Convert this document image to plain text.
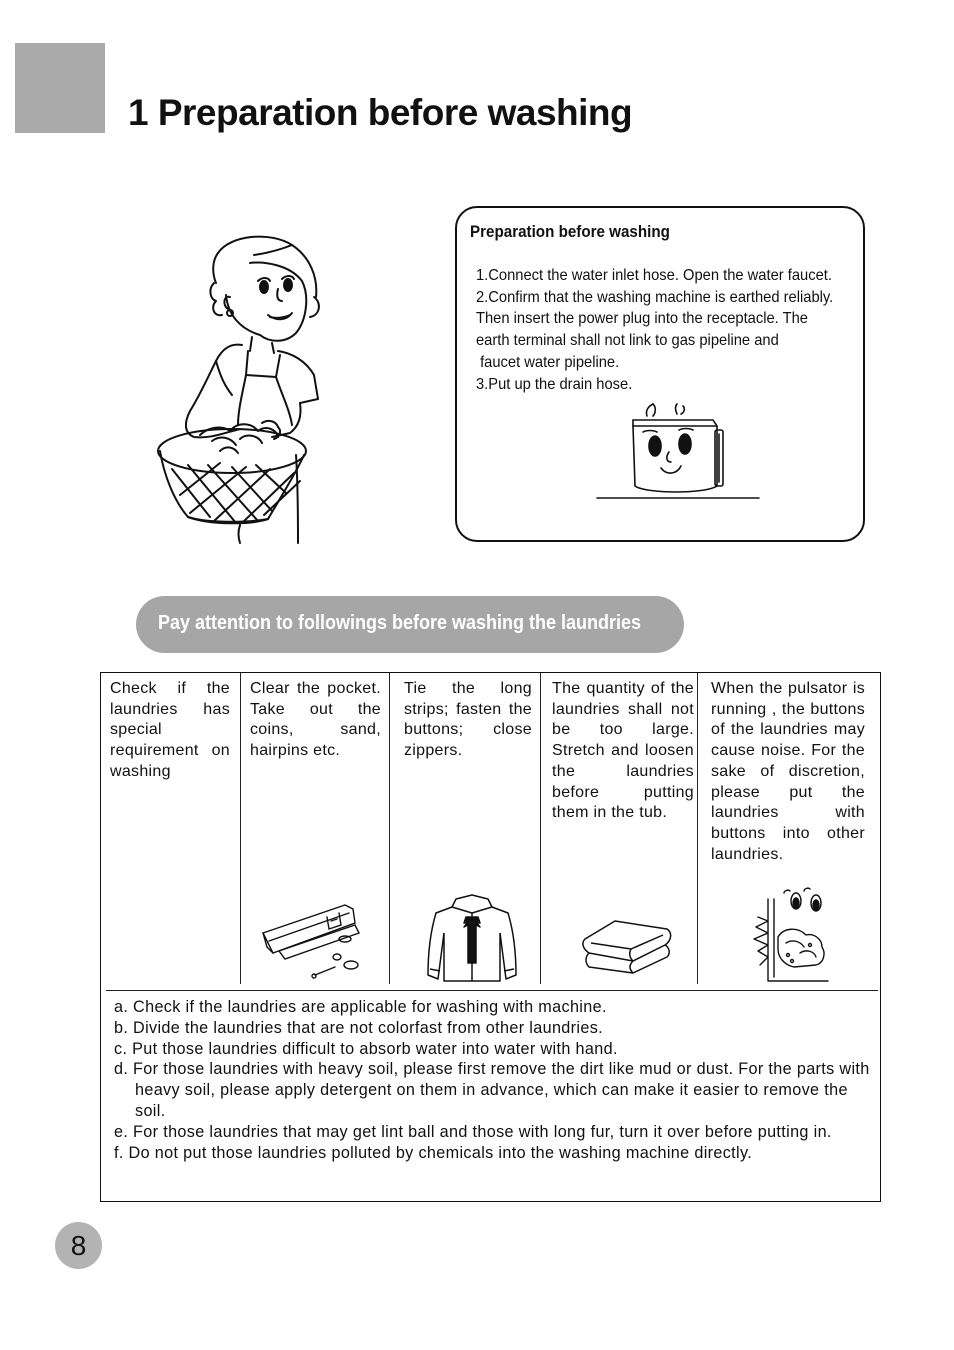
1 Preparation before washing
Preparation before washing
1.Connect the water inlet hose. Open the water faucet.
2.Confirm that the washing machine is earthed reliably.
Then insert the power plug into the receptacle. The
earth terminal shall not link to gas pipeline and
faucet water pipeline.
3.Put up the drain hose.
Pay attention to followings before washing the laundries
Check if the laundries has special requirement on washing
Clear the pocket. Take out the coins, sand, hairpins etc.
Tie the long strips; fasten the buttons; close zippers.
The quantity of the laundries shall not be too large. Stretch and loosen the laundries before putting them in the tub.
When the pulsator is running , the buttons of the laundries may cause noise. For the sake of discretion, please put the laundries with buttons into other laundries.
a. Check if the laundries are applicable for washing with machine.
b. Divide the laundries that are not colorfast from other laundries.
c. Put those laundries difficult to absorb water into water with hand.
d. For those laundries with heavy soil, please first remove the dirt like mud or dust. For the parts with heavy soil, please apply detergent on them in advance, which can make it easier to remove the soil.
e. For those laundries that may get lint ball and those with long fur, turn it over before putting in.
f. Do not put those laundries polluted by chemicals into the washing machine directly.
8
